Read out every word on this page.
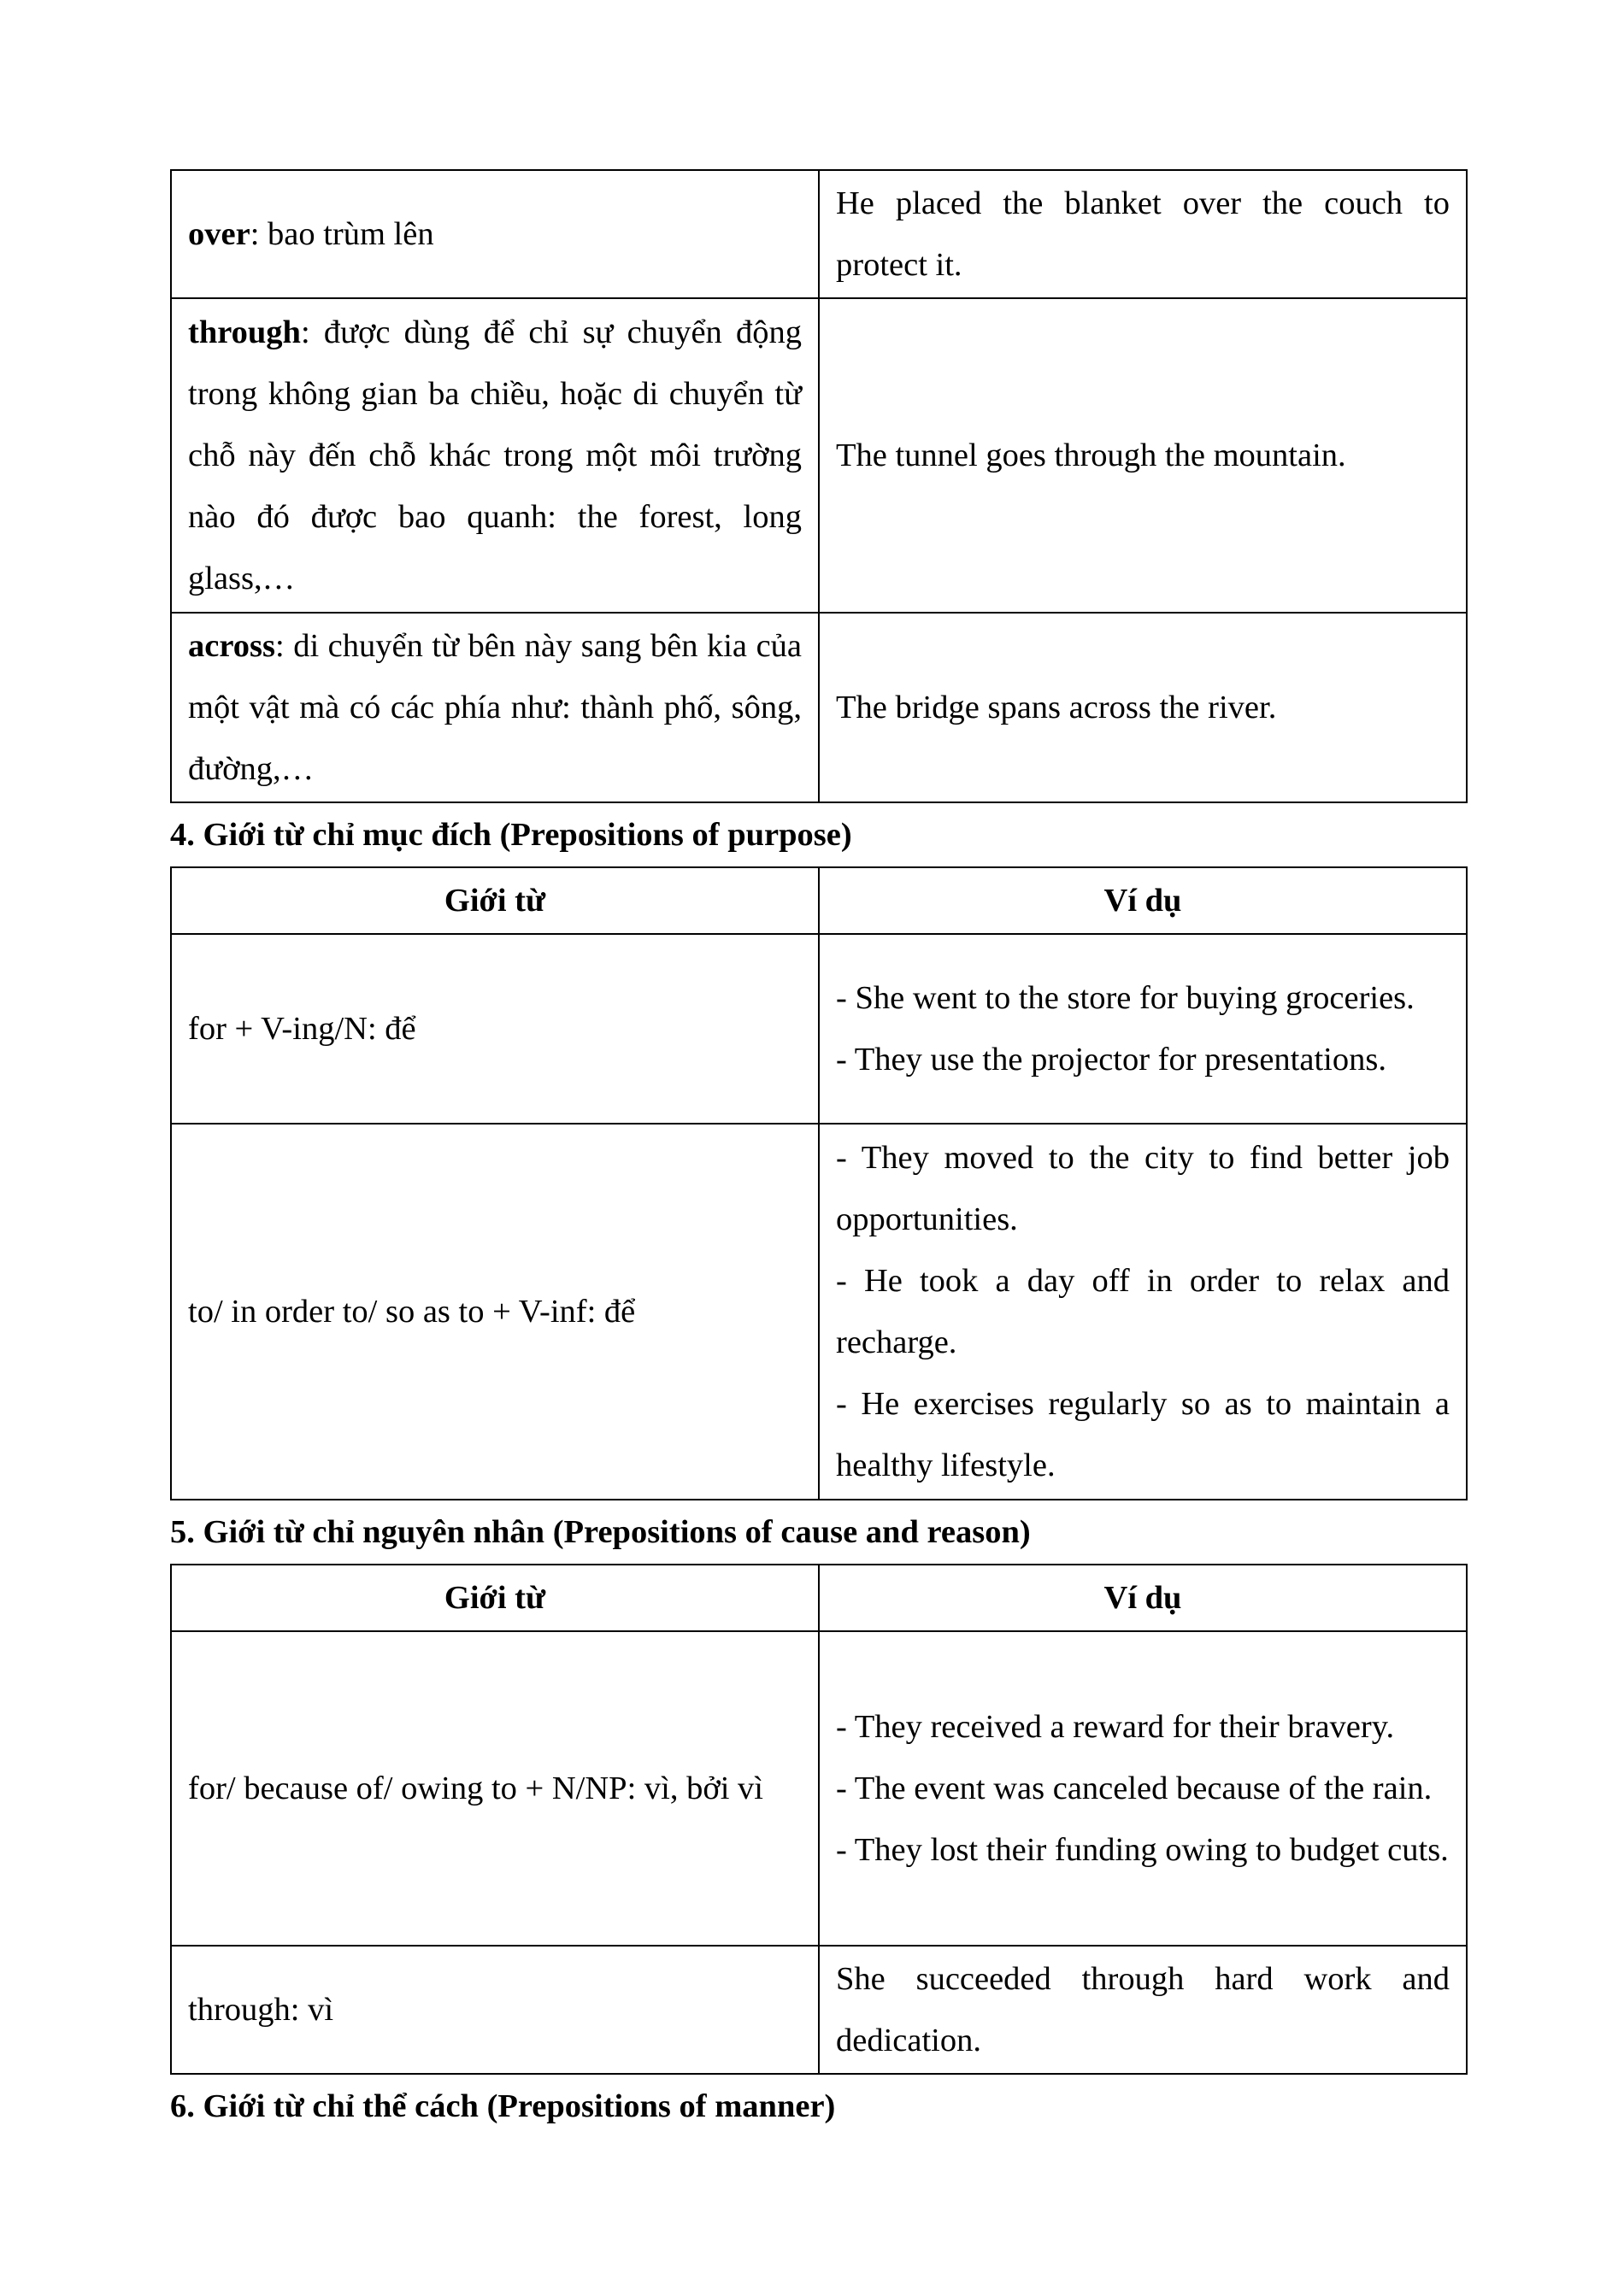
over: bao trùm lên	He placed the blanket over the couch to protect it.
through: được dùng để chỉ sự chuyển động trong không gian ba chiều, hoặc di chuyển từ chỗ này đến chỗ khác trong một môi trường nào đó được bao quanh: the forest, long glass,…	The tunnel goes through the mountain.
across: di chuyển từ bên này sang bên kia của một vật mà có các phía như: thành phố, sông, đường,…	The bridge spans across the river.
4. Giới từ chỉ mục đích (Prepositions of purpose)
Giới từ	Ví dụ
for + V-ing/N: để	- She went to the store for buying groceries.
- They use the projector for presentations.

to/ in order to/ so as to + V-inf: để	- They moved to the city to find better job opportunities.
- He took a day off in order to relax and recharge.
- He exercises regularly so as to maintain a healthy lifestyle.
5. Giới từ chỉ nguyên nhân (Prepositions of cause and reason)
Giới từ	Ví dụ
for/ because of/ owing to + N/NP: vì, bởi vì	- They received a reward for their bravery.
- The event was canceled because of the rain.
- They lost their funding owing to budget cuts.

through: vì	She succeeded through hard work and dedication.
6. Giới từ chỉ thể cách (Prepositions of manner)
